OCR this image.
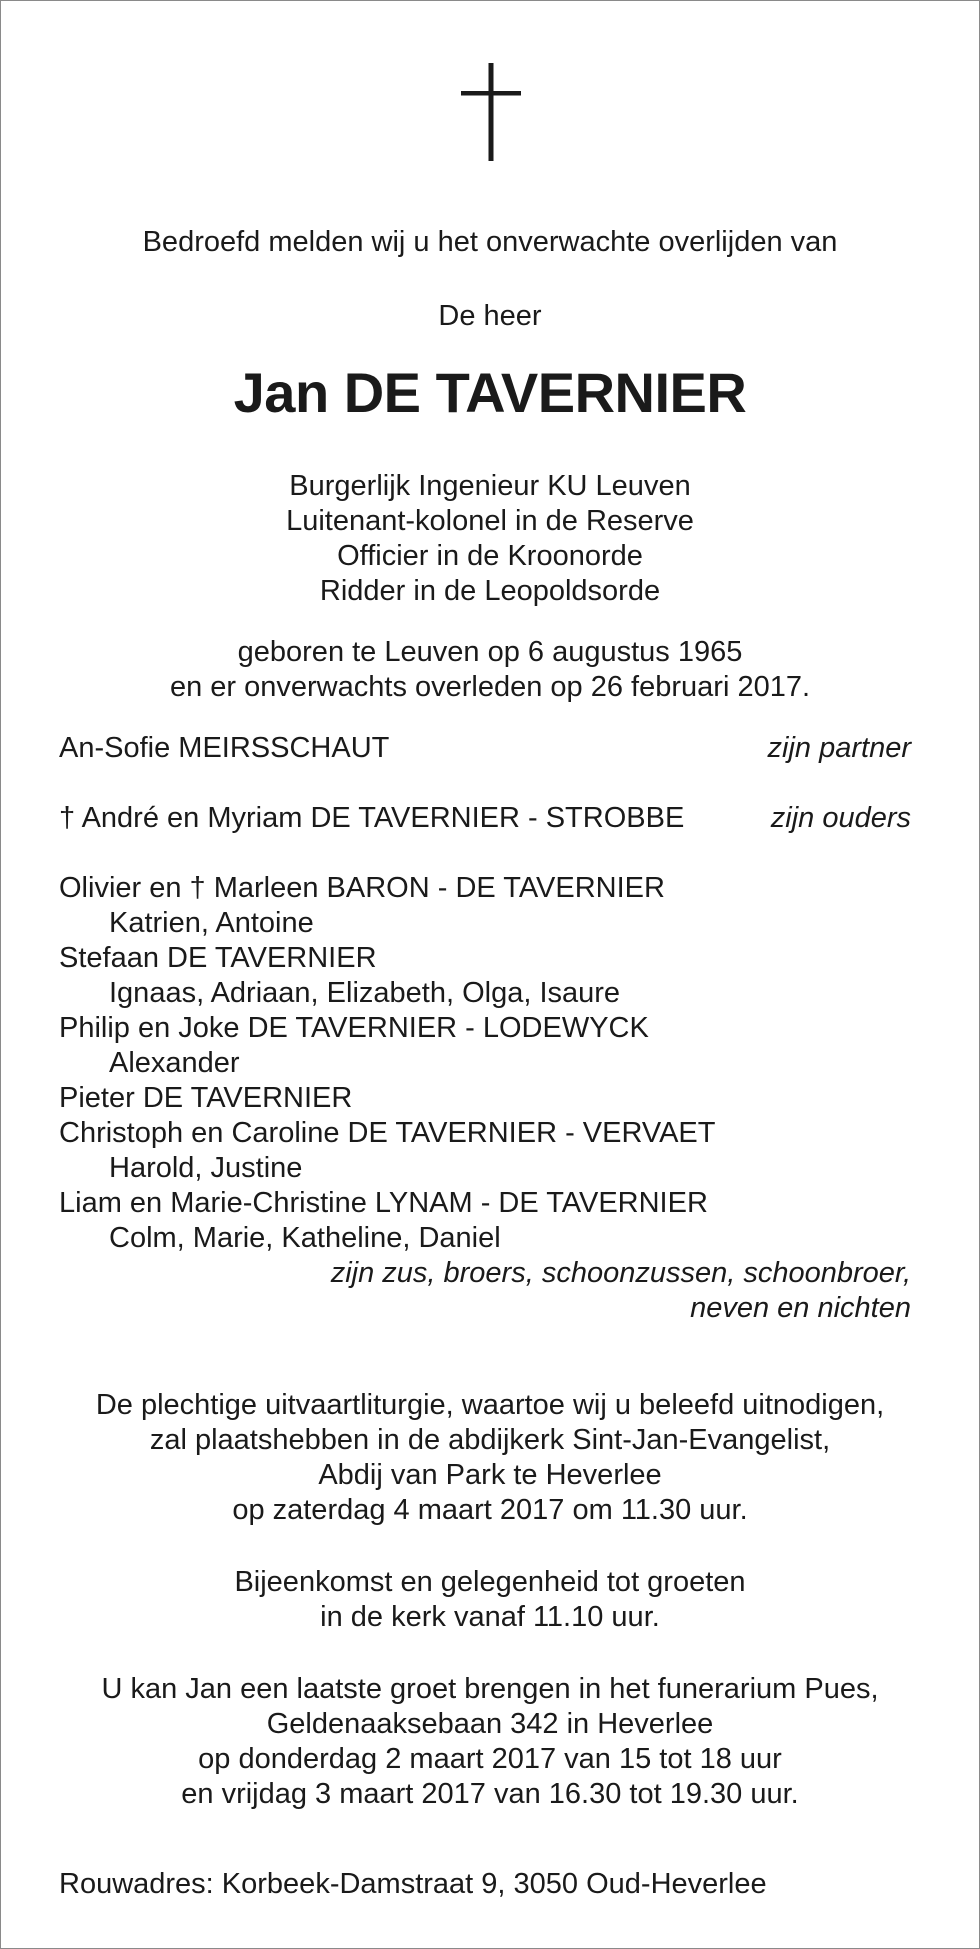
Bedroefd melden wij u het onverwachte overlijden van

De heer

Jan DE TAVERNIER

Burgerlijk Ingenieur KU Leuven

Luitenant-kolonel in de Reserve

Officier in de Kroonorde

Ridder in de Leopoldsorde

geboren te Leuven op 6 augustus 1965

en er onverwachts overleden op 26 februari 2017.

An-Sofie MEIRSSCHAUT	zijn partner

† André en Myriam DE TAVERNIER - STROBBE	zijn ouders

Olivier en † Marleen BARON - DE TAVERNIER

Katrien, Antoine

Stefaan DE TAVERNIER

Ignaas, Adriaan, Elizabeth, Olga, Isaure

Philip en Joke DE TAVERNIER - LODEWYCK

Alexander

Pieter DE TAVERNIER

Christoph en Caroline DE TAVERNIER - VERVAET

Harold, Justine

Liam en Marie-Christine LYNAM - DE TAVERNIER

Colm, Marie, Katheline, Daniel

zijn zus, broers, schoonzussen, schoonbroer,

neven en nichten

De plechtige uitvaartliturgie, waartoe wij u beleefd uitnodigen,

zal plaatshebben in de abdijkerk Sint-Jan-Evangelist,

Abdij van Park te Heverlee

op zaterdag 4 maart 2017 om 11.30 uur.

Bijeenkomst en gelegenheid tot groeten

in de kerk vanaf 11.10 uur.

U kan Jan een laatste groet brengen in het funerarium Pues,

Geldenaaksebaan 342 in Heverlee

op donderdag 2 maart 2017 van 15 tot 18 uur

en vrijdag 3 maart 2017 van 16.30 tot 19.30 uur.

Rouwadres: Korbeek-Damstraat 9, 3050 Oud-Heverlee
